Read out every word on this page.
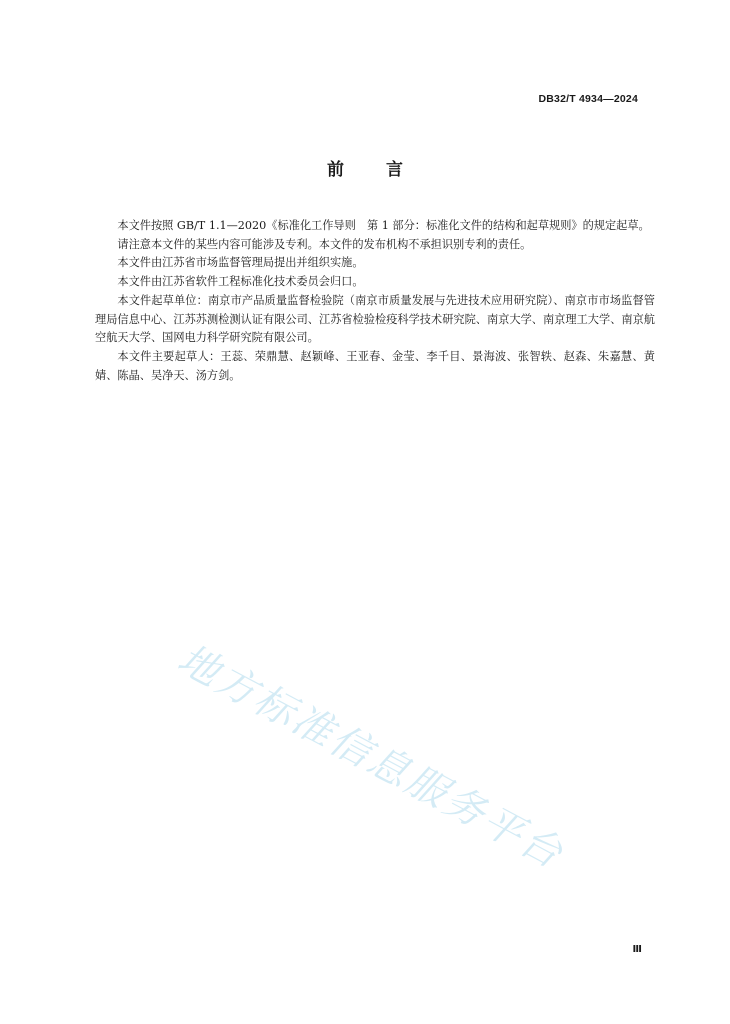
DB32/T 4934—2024
前言

本文件按照 GB/T 1.1—2020《标准化工作导则　第 1 部分：标准化文件的结构和起草规则》的规定起草。

请注意本文件的某些内容可能涉及专利。本文件的发布机构不承担识别专利的责任。

本文件由江苏省市场监督管理局提出并组织实施。

本文件由江苏省软件工程标准化技术委员会归口。

本文件起草单位：南京市产品质量监督检验院（南京市质量发展与先进技术应用研究院）、南京市市场监督管理局信息中心、江苏苏测检测认证有限公司、江苏省检验检疫科学技术研究院、南京大学、南京理工大学、南京航空航天大学、国网电力科学研究院有限公司。

本文件主要起草人：王蕊、荣鼎慧、赵颖峰、王亚春、金莹、李千目、景海波、张智轶、赵森、朱嘉慧、黄婧、陈晶、吴净天、汤方剑。

地方标准信息服务平台
Ⅲ
